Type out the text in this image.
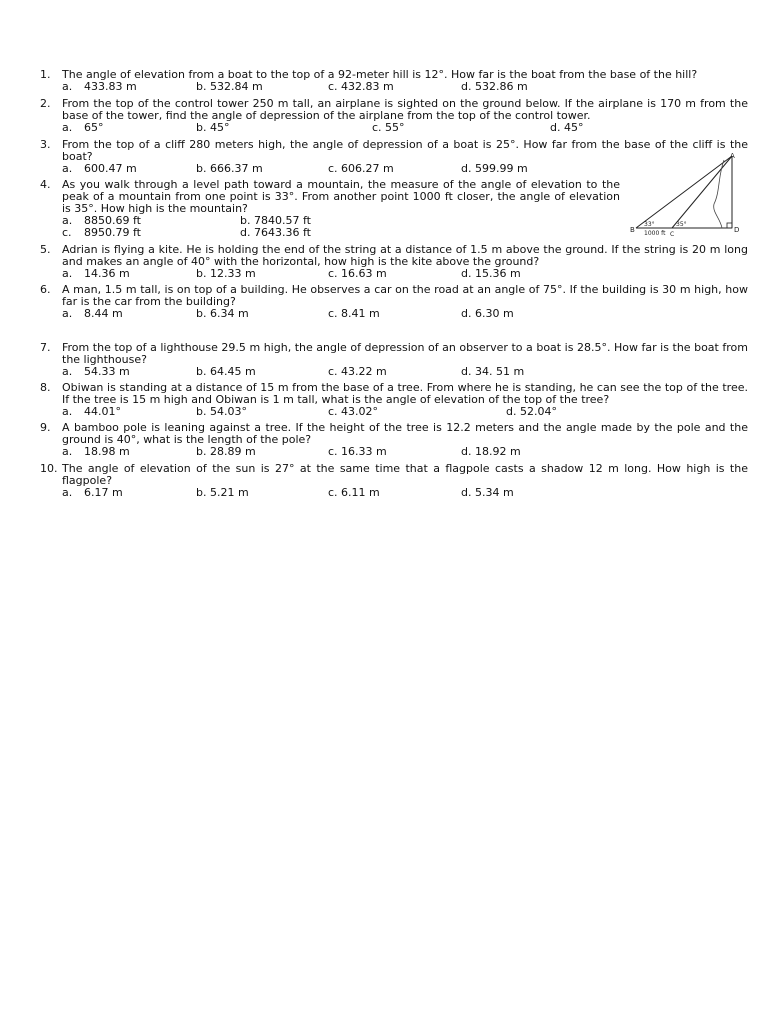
1.	The angle of elevation from a boat to the top of a 92-meter hill is 12°. How far is the boat from the base of the hill?
a. 433.83 m	b. 532.84 m	c. 432.83 m	d. 532.86 m
2.	From the top of the control tower 250 m tall, an airplane is sighted on the ground below. If the airplane is 170 m from the base of the tower, find the angle of depression of the airplane from the top of the control tower.
a. 65°	b. 45°	c. 55°	d. 45°
3.	From the top of a cliff 280 meters high, the angle of depression of a boat is 25°. How far from the base of the cliff is the boat?
a. 600.47 m	b. 666.37 m	c. 606.27 m	d. 599.99 m
4.	As you walk through a level path toward a mountain, the measure of the angle of elevation to the peak of a mountain from one point is 33°. From another point 1000 ft closer, the angle of elevation is 35°. How high is the mountain?
a. 8850.69 ft	b. 7840.57 ft
c. 8950.79 ft	d. 7643.36 ft
A
B
C
D
33°	35°
1000 ft
5.	Adrian is flying a kite. He is holding the end of the string at a distance of 1.5 m above the ground. If the string is 20 m long and makes an angle of 40° with the horizontal, how high is the kite above the ground?
a. 14.36 m	b. 12.33 m	c. 16.63 m	d. 15.36 m
6.	A man, 1.5 m tall, is on top of a building. He observes a car on the road at an angle of 75°. If the building is 30 m high, how far is the car from the building?
a. 8.44 m	b. 6.34 m	c. 8.41 m	d. 6.30 m
7.	From the top of a lighthouse 29.5 m high, the angle of depression of an observer to a boat is 28.5°. How far is the boat from the lighthouse?
a. 54.33 m	b. 64.45 m	c. 43.22 m	d. 34. 51 m
8.	Obiwan is standing at a distance of 15 m from the base of a tree. From where he is standing, he can see the top of the tree. If the tree is 15 m high and Obiwan is 1 m tall, what is the angle of elevation of the top of the tree?
a. 44.01°	b. 54.03°	c. 43.02°	d. 52.04°
9.	A bamboo pole is leaning against a tree. If the height of the tree is 12.2 meters and the angle made by the pole and the ground is 40°, what is the length of the pole?
a. 18.98 m	b. 28.89 m	c. 16.33 m	d. 18.92 m
10. The angle of elevation of the sun is 27° at the same time that a flagpole casts a shadow 12 m long. How high is the flagpole?
a. 6.17 m	b. 5.21 m	c. 6.11 m	d. 5.34 m
